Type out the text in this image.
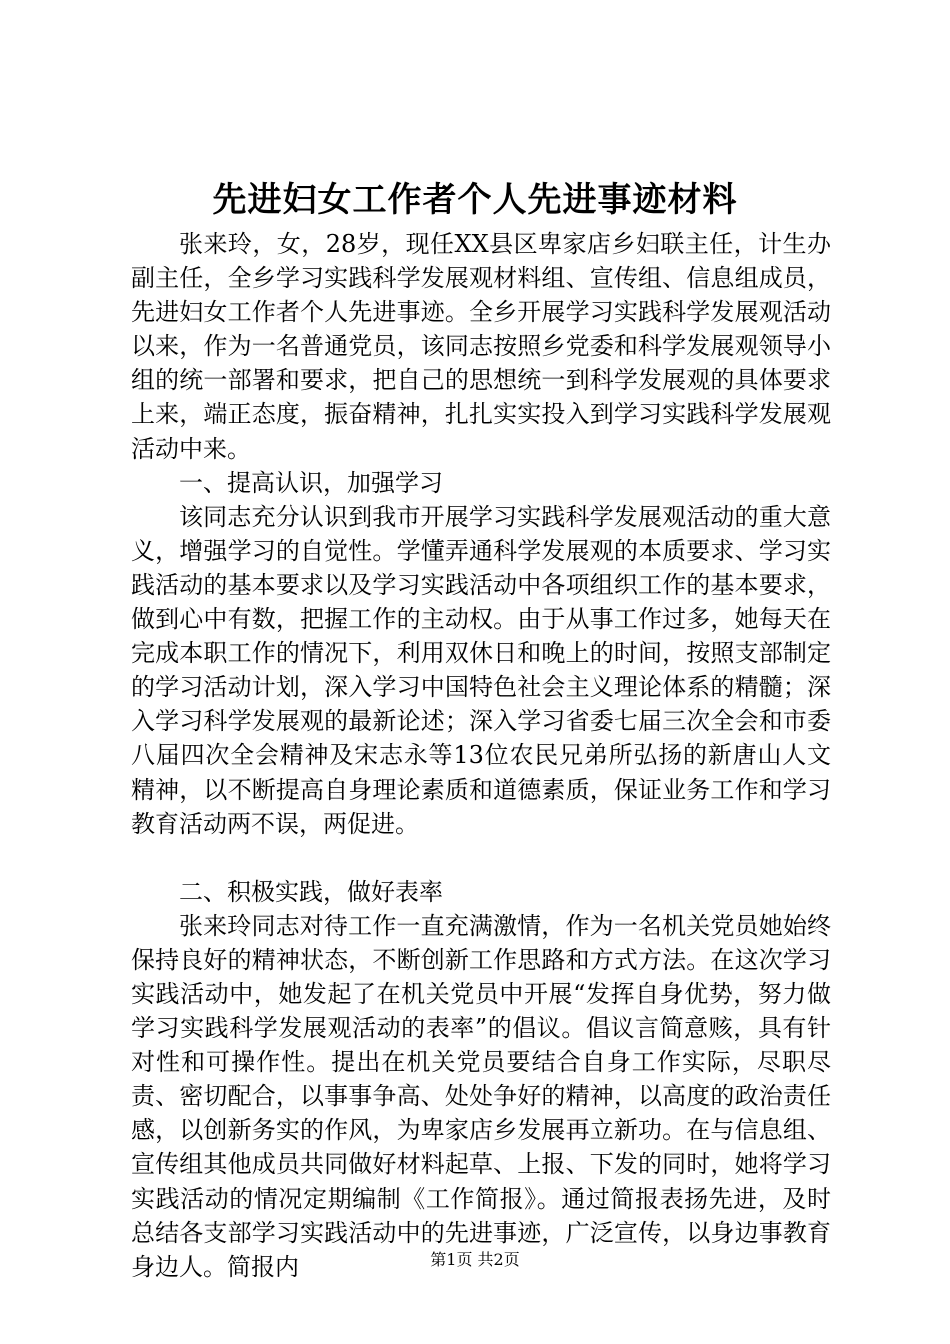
先进妇女工作者个人先进事迹材料

张来玲，女，28岁，现任XX县区卑家店乡妇联主任，计生办副主任，全乡学习实践科学发展观材料组、宣传组、信息组成员，先进妇女工作者个人先进事迹。全乡开展学习实践科学发展观活动以来，作为一名普通党员，该同志按照乡党委和科学发展观领导小组的统一部署和要求，把自己的思想统一到科学发展观的具体要求上来，端正态度，振奋精神，扎扎实实投入到学习实践科学发展观活动中来。

一、提高认识，加强学习

该同志充分认识到我市开展学习实践科学发展观活动的重大意义，增强学习的自觉性。学懂弄通科学发展观的本质要求、学习实践活动的基本要求以及学习实践活动中各项组织工作的基本要求，做到心中有数，把握工作的主动权。由于从事工作过多，她每天在完成本职工作的情况下，利用双休日和晚上的时间，按照支部制定的学习活动计划，深入学习中国特色社会主义理论体系的精髓；深入学习科学发展观的最新论述；深入学习省委七届三次全会和市委八届四次全会精神及宋志永等13位农民兄弟所弘扬的新唐山人文精神，以不断提高自身理论素质和道德素质，保证业务工作和学习教育活动两不误，两促进。

二、积极实践，做好表率

张来玲同志对待工作一直充满激情，作为一名机关党员她始终保持良好的精神状态，不断创新工作思路和方式方法。在这次学习实践活动中，她发起了在机关党员中开展“发挥自身优势，努力做学习实践科学发展观活动的表率”的倡议。倡议言简意赅，具有针对性和可操作性。提出在机关党员要结合自身工作实际，尽职尽责、密切配合，以事事争高、处处争好的精神，以高度的政治责任感，以创新务实的作风，为卑家店乡发展再立新功。在与信息组、宣传组其他成员共同做好材料起草、上报、下发的同时，她将学习实践活动的情况定期编制《工作简报》。通过简报表扬先进，及时总结各支部学习实践活动中的先进事迹，广泛宣传，以身边事教育身边人。简报内	第1页 共2页
